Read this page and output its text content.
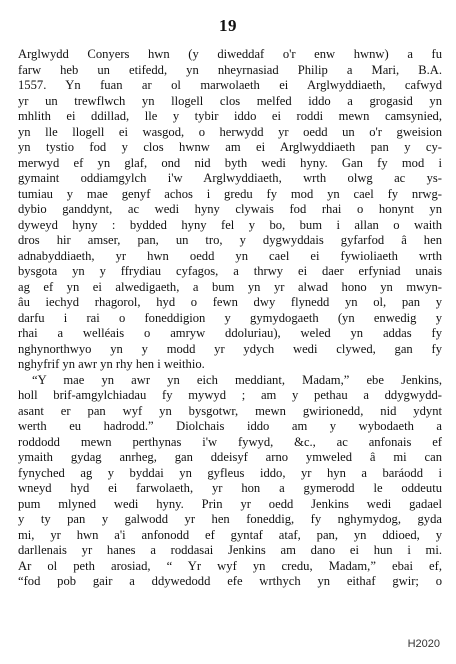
19
Arglwydd Conyers hwn (y diweddaf o'r enw hwnw) a fu
farw heb un etifedd, yn nheyrnasiad Philip a Mari, B.A.
1557. Yn fuan ar ol marwolaeth ei Arglwyddiaeth, cafwyd
yr un trewflwch yn llogell clos melfed iddo a grogasid yn
mhlith ei ddillad, lle y tybir iddo ei roddi mewn camsynied,
yn lle llogell ei wasgod, o herwydd yr oedd un o'r gweision
yn tystio fod y clos hwnw am ei Arglwyddiaeth pan y cy-
merwyd ef yn glaf, ond nid byth wedi hyny. Gan fy mod i
gymaint oddiamgylch i'w Arglwyddiaeth, wrth olwg ac ys-
tumiau y mae genyf achos i gredu fy mod yn cael fy nrwg-
dybio ganddynt, ac wedi hyny clywais fod rhai o honynt yn
dyweyd hyny : bydded hyny fel y bo, bum i allan o waith
dros hir amser, pan, un tro, y dygwyddais gyfarfod â hen
adnabyddiaeth, yr hwn oedd yn cael ei fywioliaeth wrth
bysgota yn y ffrydiau cyfagos, a thrwy ei daer erfyniad unais
ag ef yn ei alwedigaeth, a bum yn yr alwad hono yn mwyn-
âu iechyd rhagorol, hyd o fewn dwy flynedd yn ol, pan y
darfu i rai o foneddigion y gymydogaeth (yn enwedig y
rhai a welléais o amryw ddoluriau), weled yn addas fy
nghynorthwyo yn y modd yr ydych wedi clywed, gan fy
nghyfrif yn awr yn rhy hen i weithio.
“Y mae yn awr yn eich meddiant, Madam,” ebe Jenkins,
holl brif-amgylchiadau fy mywyd ; am y pethau a ddygwydd-
asant er pan wyf yn bysgotwr, mewn gwirionedd, nid ydynt
werth eu hadrodd.” Diolchais iddo am y wybodaeth a
roddodd mewn perthynas i'w fywyd, &c., ac anfonais ef
ymaith gydag anrheg, gan ddeisyf arno ymweled â mi can
fynyched ag y byddai yn gyfleus iddo, yr hyn a baráodd i
wneyd hyd ei farwolaeth, yr hon a gymerodd le oddeutu
pum mlyned wedi hyny. Prin yr oedd Jenkins wedi gadael
y ty pan y galwodd yr hen foneddig, fy nghymydog, gyda
mi, yr hwn a'i anfonodd ef gyntaf ataf, pan, yn ddioed, y
darllenais yr hanes a roddasai Jenkins am dano ei hun i mi.
Ar ol peth arosiad, “ Yr wyf yn credu, Madam,” ebai ef,
“fod pob gair a ddywedodd efe wrthych yn eithaf gwir; o
H2020
